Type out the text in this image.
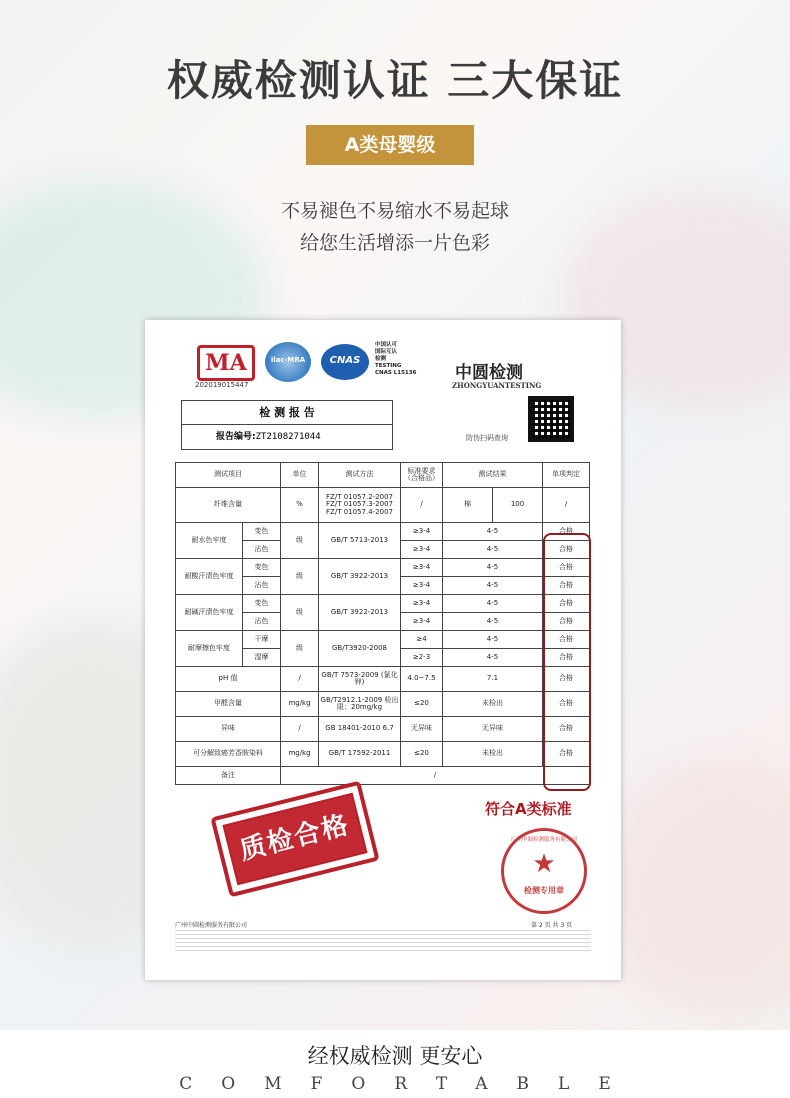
权威检测认证 三大保证
A类母婴级
不易褪色不易缩水不易起球
给您生活增添一片色彩
MA
202019015447
ilac-MRA	CNAS
中国认可
国际互认
检测
TESTING
CNAS L15136 中圆检测
ZHONGYUANTESTING
检 测 报 告
报告编号:ZT2108271044	防伪扫码查询
测试项目		单位	测试方法	标准要求（合格品）	测试结果		单项判定
纤维含量		%	FZ/T 01057.2-2007 FZ/T 01057.3-2007 FZ/T 01057.4-2007	/	棉	100	/
耐水色牢度	变色	级	GB/T 5713-2013	≥3-4	4-5		合格
	沾色			≥3-4	4-5		合格
耐酸汗渍色牢度	变色	级	GB/T 3922-2013	≥3-4	4-5		合格
	沾色			≥3-4	4-5		合格
耐碱汗渍色牢度	变色	级	GB/T 3922-2013	≥3-4	4-5		合格
	沾色			≥3-4	4-5		合格
耐摩擦色牢度	干摩	级	GB/T3920-2008	≥4	4-5		合格
	湿摩			≥2-3	4-5		合格
pH 值		/	GB/T 7573-2009 (氯化钾)	4.0~7.5	7.1		合格
甲醛含量		mg/kg	GB/T2912.1-2009 检出限：20mg/kg	≤20	未检出		合格
异味		/	GB 18401-2010 6.7	无异味	无异味		合格
可分解致癌芳香胺染料		mg/kg	GB/T 17592-2011	≤20	未检出		合格
备注		/					
符合A类标准
质检合格	★
检测专用章
广州中圆检测服务有限公司
广州中圆检测服务有限公司	第 2 页 共 3 页
经权威检测 更安心
COMFORTABLE
